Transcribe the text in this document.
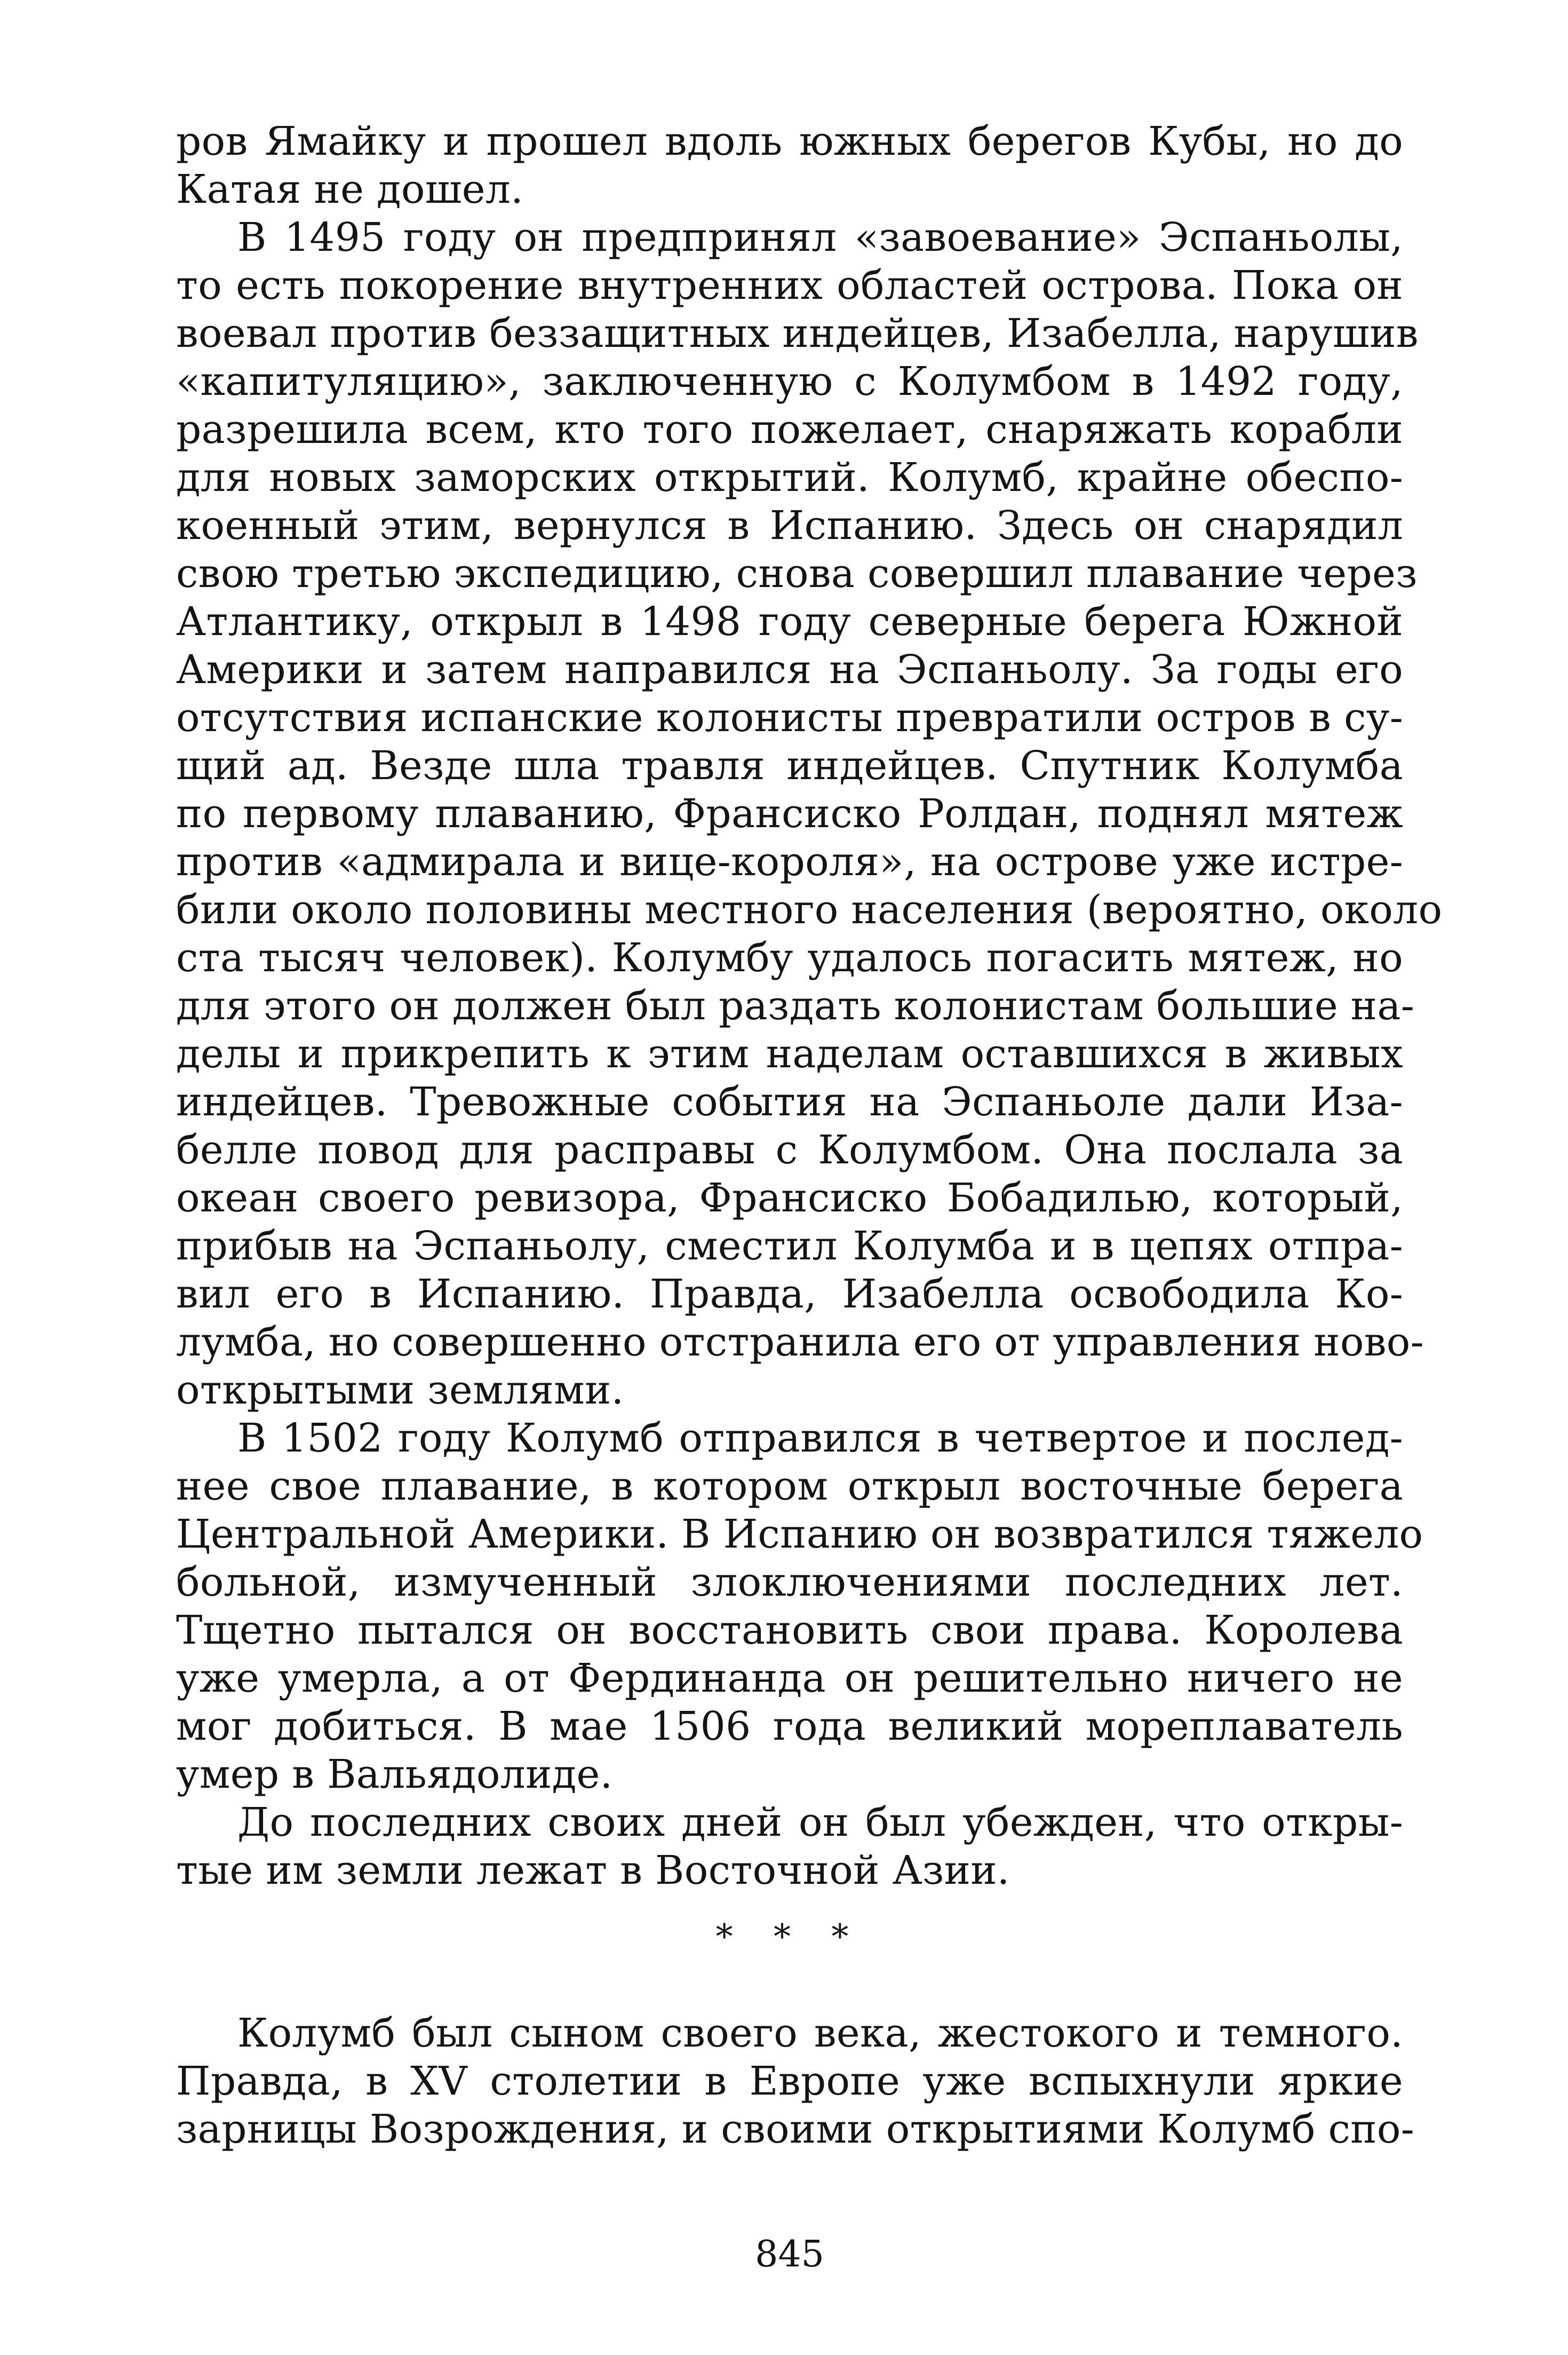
ров Ямайку и прошел вдоль южных берегов Кубы, но до
Катая не дошел.
В 1495 году он предпринял «завоевание» Эспаньолы,
то есть покорение внутренних областей острова. Пока он
воевал против беззащитных индейцев, Изабелла, нарушив
«капитуляцию», заключенную с Колумбом в 1492 году,
разрешила всем, кто того пожелает, снаряжать корабли
для новых заморских открытий. Колумб, крайне обеспо-
коенный этим, вернулся в Испанию. Здесь он снарядил
свою третью экспедицию, снова совершил плавание через
Атлантику, открыл в 1498 году северные берега Южной
Америки и затем направился на Эспаньолу. За годы его
отсутствия испанские колонисты превратили остров в су-
щий ад. Везде шла травля индейцев. Спутник Колумба
по первому плаванию, Франсиско Ролдан, поднял мятеж
против «адмирала и вице-короля», на острове уже истре-
били около половины местного населения (вероятно, около
ста тысяч человек). Колумбу удалось погасить мятеж, но
для этого он должен был раздать колонистам большие на-
делы и прикрепить к этим наделам оставшихся в живых
индейцев. Тревожные события на Эспаньоле дали Иза-
белле повод для расправы с Колумбом. Она послала за
океан своего ревизора, Франсиско Бобадилью, который,
прибыв на Эспаньолу, сместил Колумба и в цепях отпра-
вил его в Испанию. Правда, Изабелла освободила Ко-
лумба, но совершенно отстранила его от управления ново-
открытыми землями.
В 1502 году Колумб отправился в четвертое и послед-
нее свое плавание, в котором открыл восточные берега
Центральной Америки. В Испанию он возвратился тяжело
больной, измученный злоключениями последних лет.
Тщетно пытался он восстановить свои права. Королева
уже умерла, а от Фердинанда он решительно ничего не
мог добиться. В мае 1506 года великий мореплаватель
умер в Вальядолиде.
До последних своих дней он был убежден, что откры-
тые им земли лежат в Восточной Азии.
* * *
Колумб был сыном своего века, жестокого и темного.
Правда, в XV столетии в Европе уже вспыхнули яркие
зарницы Возрождения, и своими открытиями Колумб спо-
845
